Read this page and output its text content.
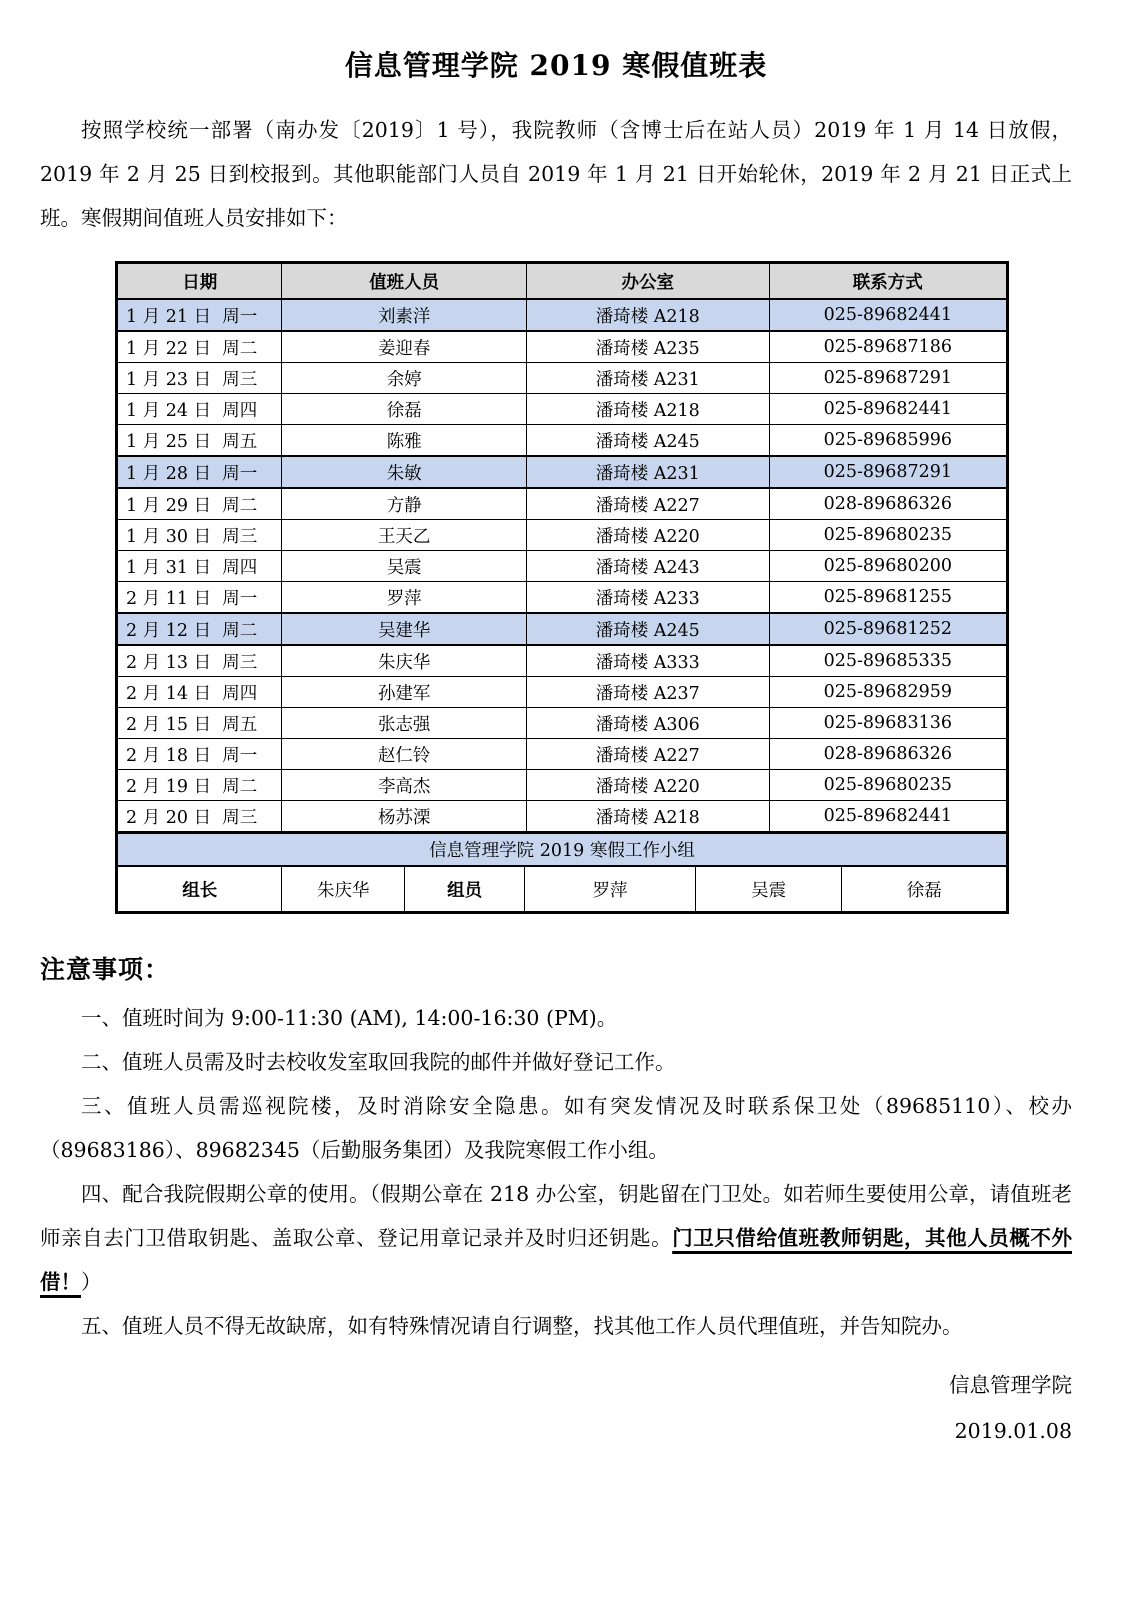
信息管理学院 2019 寒假值班表

按照学校统一部署（南办发〔2019〕1 号），我院教师（含博士后在站人员）2019 年 1 月 14 日放假，2019 年 2 月 25 日到校报到。其他职能部门人员自 2019 年 1 月 21 日开始轮休，2019 年 2 月 21 日正式上班。寒假期间值班人员安排如下：

日期	值班人员	办公室	联系方式
1 月 21 日  周一	刘素洋	潘琦楼 A218	025-89682441
1 月 22 日  周二	姜迎春	潘琦楼 A235	025-89687186
1 月 23 日  周三	余婷	潘琦楼 A231	025-89687291
1 月 24 日  周四	徐磊	潘琦楼 A218	025-89682441
1 月 25 日  周五	陈雅	潘琦楼 A245	025-89685996
1 月 28 日  周一	朱敏	潘琦楼 A231	025-89687291
1 月 29 日  周二	方静	潘琦楼 A227	028-89686326
1 月 30 日  周三	王天乙	潘琦楼 A220	025-89680235
1 月 31 日  周四	吴震	潘琦楼 A243	025-89680200
2 月 11 日  周一	罗萍	潘琦楼 A233	025-89681255
2 月 12 日  周二	吴建华	潘琦楼 A245	025-89681252
2 月 13 日  周三	朱庆华	潘琦楼 A333	025-89685335
2 月 14 日  周四	孙建军	潘琦楼 A237	025-89682959
2 月 15 日  周五	张志强	潘琦楼 A306	025-89683136
2 月 18 日  周一	赵仁铃	潘琦楼 A227	028-89686326
2 月 19 日  周二	李高杰	潘琦楼 A220	025-89680235
2 月 20 日  周三	杨苏溧	潘琦楼 A218	025-89682441
信息管理学院 2019 寒假工作小组
组长	朱庆华	组员	罗萍	吴震	徐磊
注意事项：

一、值班时间为 9:00-11:30 (AM), 14:00-16:30 (PM)。

二、值班人员需及时去校收发室取回我院的邮件并做好登记工作。

三、值班人员需巡视院楼，及时消除安全隐患。如有突发情况及时联系保卫处（89685110）、校办（89683186）、89682345（后勤服务集团）及我院寒假工作小组。

四、配合我院假期公章的使用。（假期公章在 218 办公室，钥匙留在门卫处。如若师生要使用公章，请值班老师亲自去门卫借取钥匙、盖取公章、登记用章记录并及时归还钥匙。门卫只借给值班教师钥匙，其他人员概不外借！）

五、值班人员不得无故缺席，如有特殊情况请自行调整，找其他工作人员代理值班，并告知院办。

信息管理学院
2019.01.08
